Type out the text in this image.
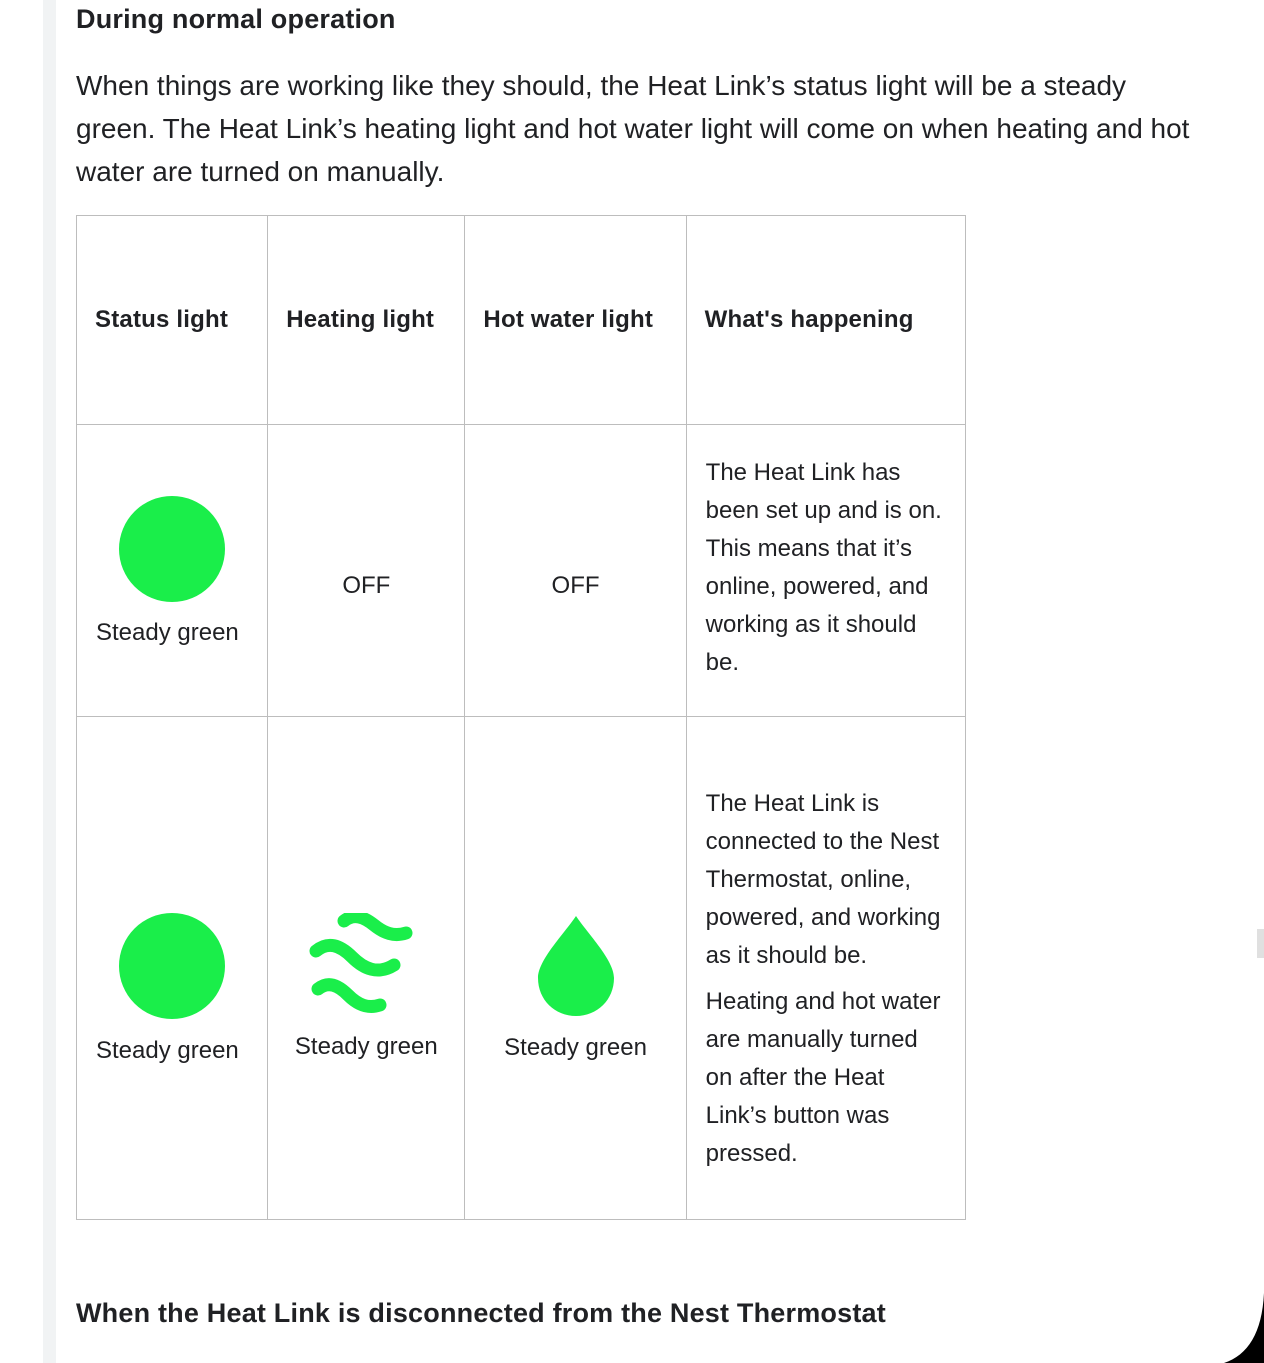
During normal operation

When things are working like they should, the Heat Link’s status light will be a steady green. The Heat Link’s heating light and hot water light will come on when heating and hot water are turned on manually.

Status light	Heating light	Hot water light	What's happening

Steady green	OFF	OFF	The Heat Link has been set up and is on. This means that it’s online, powered, and working as it should be.

Steady green	Steady green	Steady green	The Heat Link is connected to the Nest Thermostat, online, powered, and working as it should be.

Heating and hot water are manually turned on after the Heat Link’s button was pressed.

When the Heat Link is disconnected from the Nest Thermostat
